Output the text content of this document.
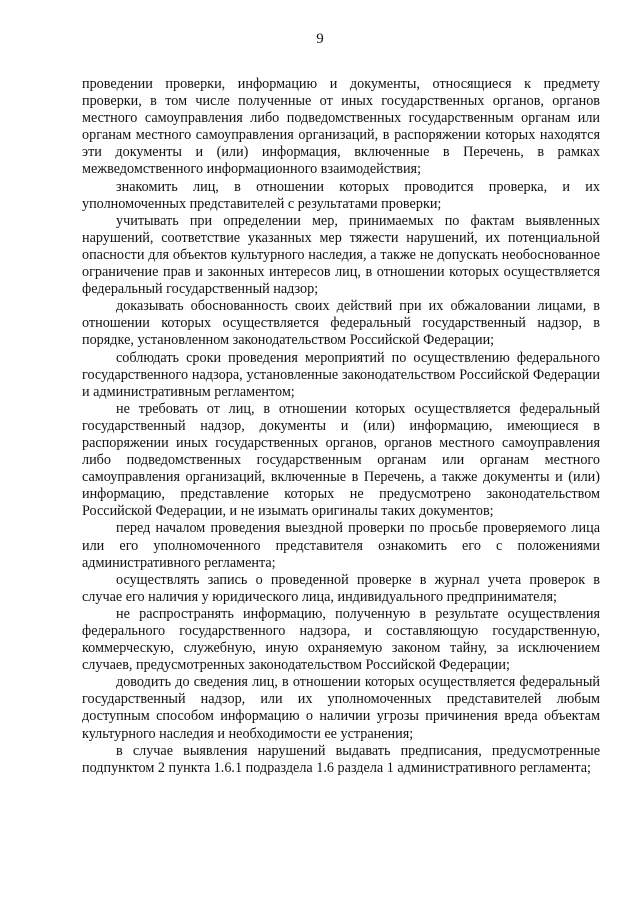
9

проведении проверки, информацию и документы, относящиеся к предмету проверки, в том числе полученные от иных государственных органов, органов местного самоуправления либо подведомственных государственным органам или органам местного самоуправления организаций, в распоряжении которых находятся эти документы и (или) информация, включенные в Перечень, в рамках межведомственного информационного взаимодействия;

знакомить лиц, в отношении которых проводится проверка, и их уполномоченных представителей с результатами проверки;

учитывать при определении мер, принимаемых по фактам выявленных нарушений, соответствие указанных мер тяжести нарушений, их потенциальной опасности для объектов культурного наследия, а также не допускать необоснованное ограничение прав и законных интересов лиц, в отношении которых осуществляется федеральный государственный надзор;

доказывать обоснованность своих действий при их обжаловании лицами, в отношении которых осуществляется федеральный государственный надзор, в порядке, установленном законодательством Российской Федерации;

соблюдать сроки проведения мероприятий по осуществлению федерального государственного надзора, установленные законодательством Российской Федерации и административным регламентом;

не требовать от лиц, в отношении которых осуществляется федеральный государственный надзор, документы и (или) информацию, имеющиеся в распоряжении иных государственных органов, органов местного самоуправления либо подведомственных государственным органам или органам местного самоуправления организаций, включенные в Перечень, а также документы и (или) информацию, представление которых не предусмотрено законодательством Российской Федерации, и не изымать оригиналы таких документов;

перед началом проведения выездной проверки по просьбе проверяемого лица или его уполномоченного представителя ознакомить его с положениями административного регламента;

осуществлять запись о проведенной проверке в журнал учета проверок в случае его наличия у юридического лица, индивидуального предпринимателя;

не распространять информацию, полученную в результате осуществления федерального государственного надзора, и составляющую государственную, коммерческую, служебную, иную охраняемую законом тайну, за исключением случаев, предусмотренных законодательством Российской Федерации;

доводить до сведения лиц, в отношении которых осуществляется федеральный государственный надзор, или их уполномоченных представителей любым доступным способом информацию о наличии угрозы причинения вреда объектам культурного наследия и необходимости ее устранения;

в случае выявления нарушений выдавать предписания, предусмотренные подпунктом 2 пункта 1.6.1 подраздела 1.6 раздела 1 административного регламента;
